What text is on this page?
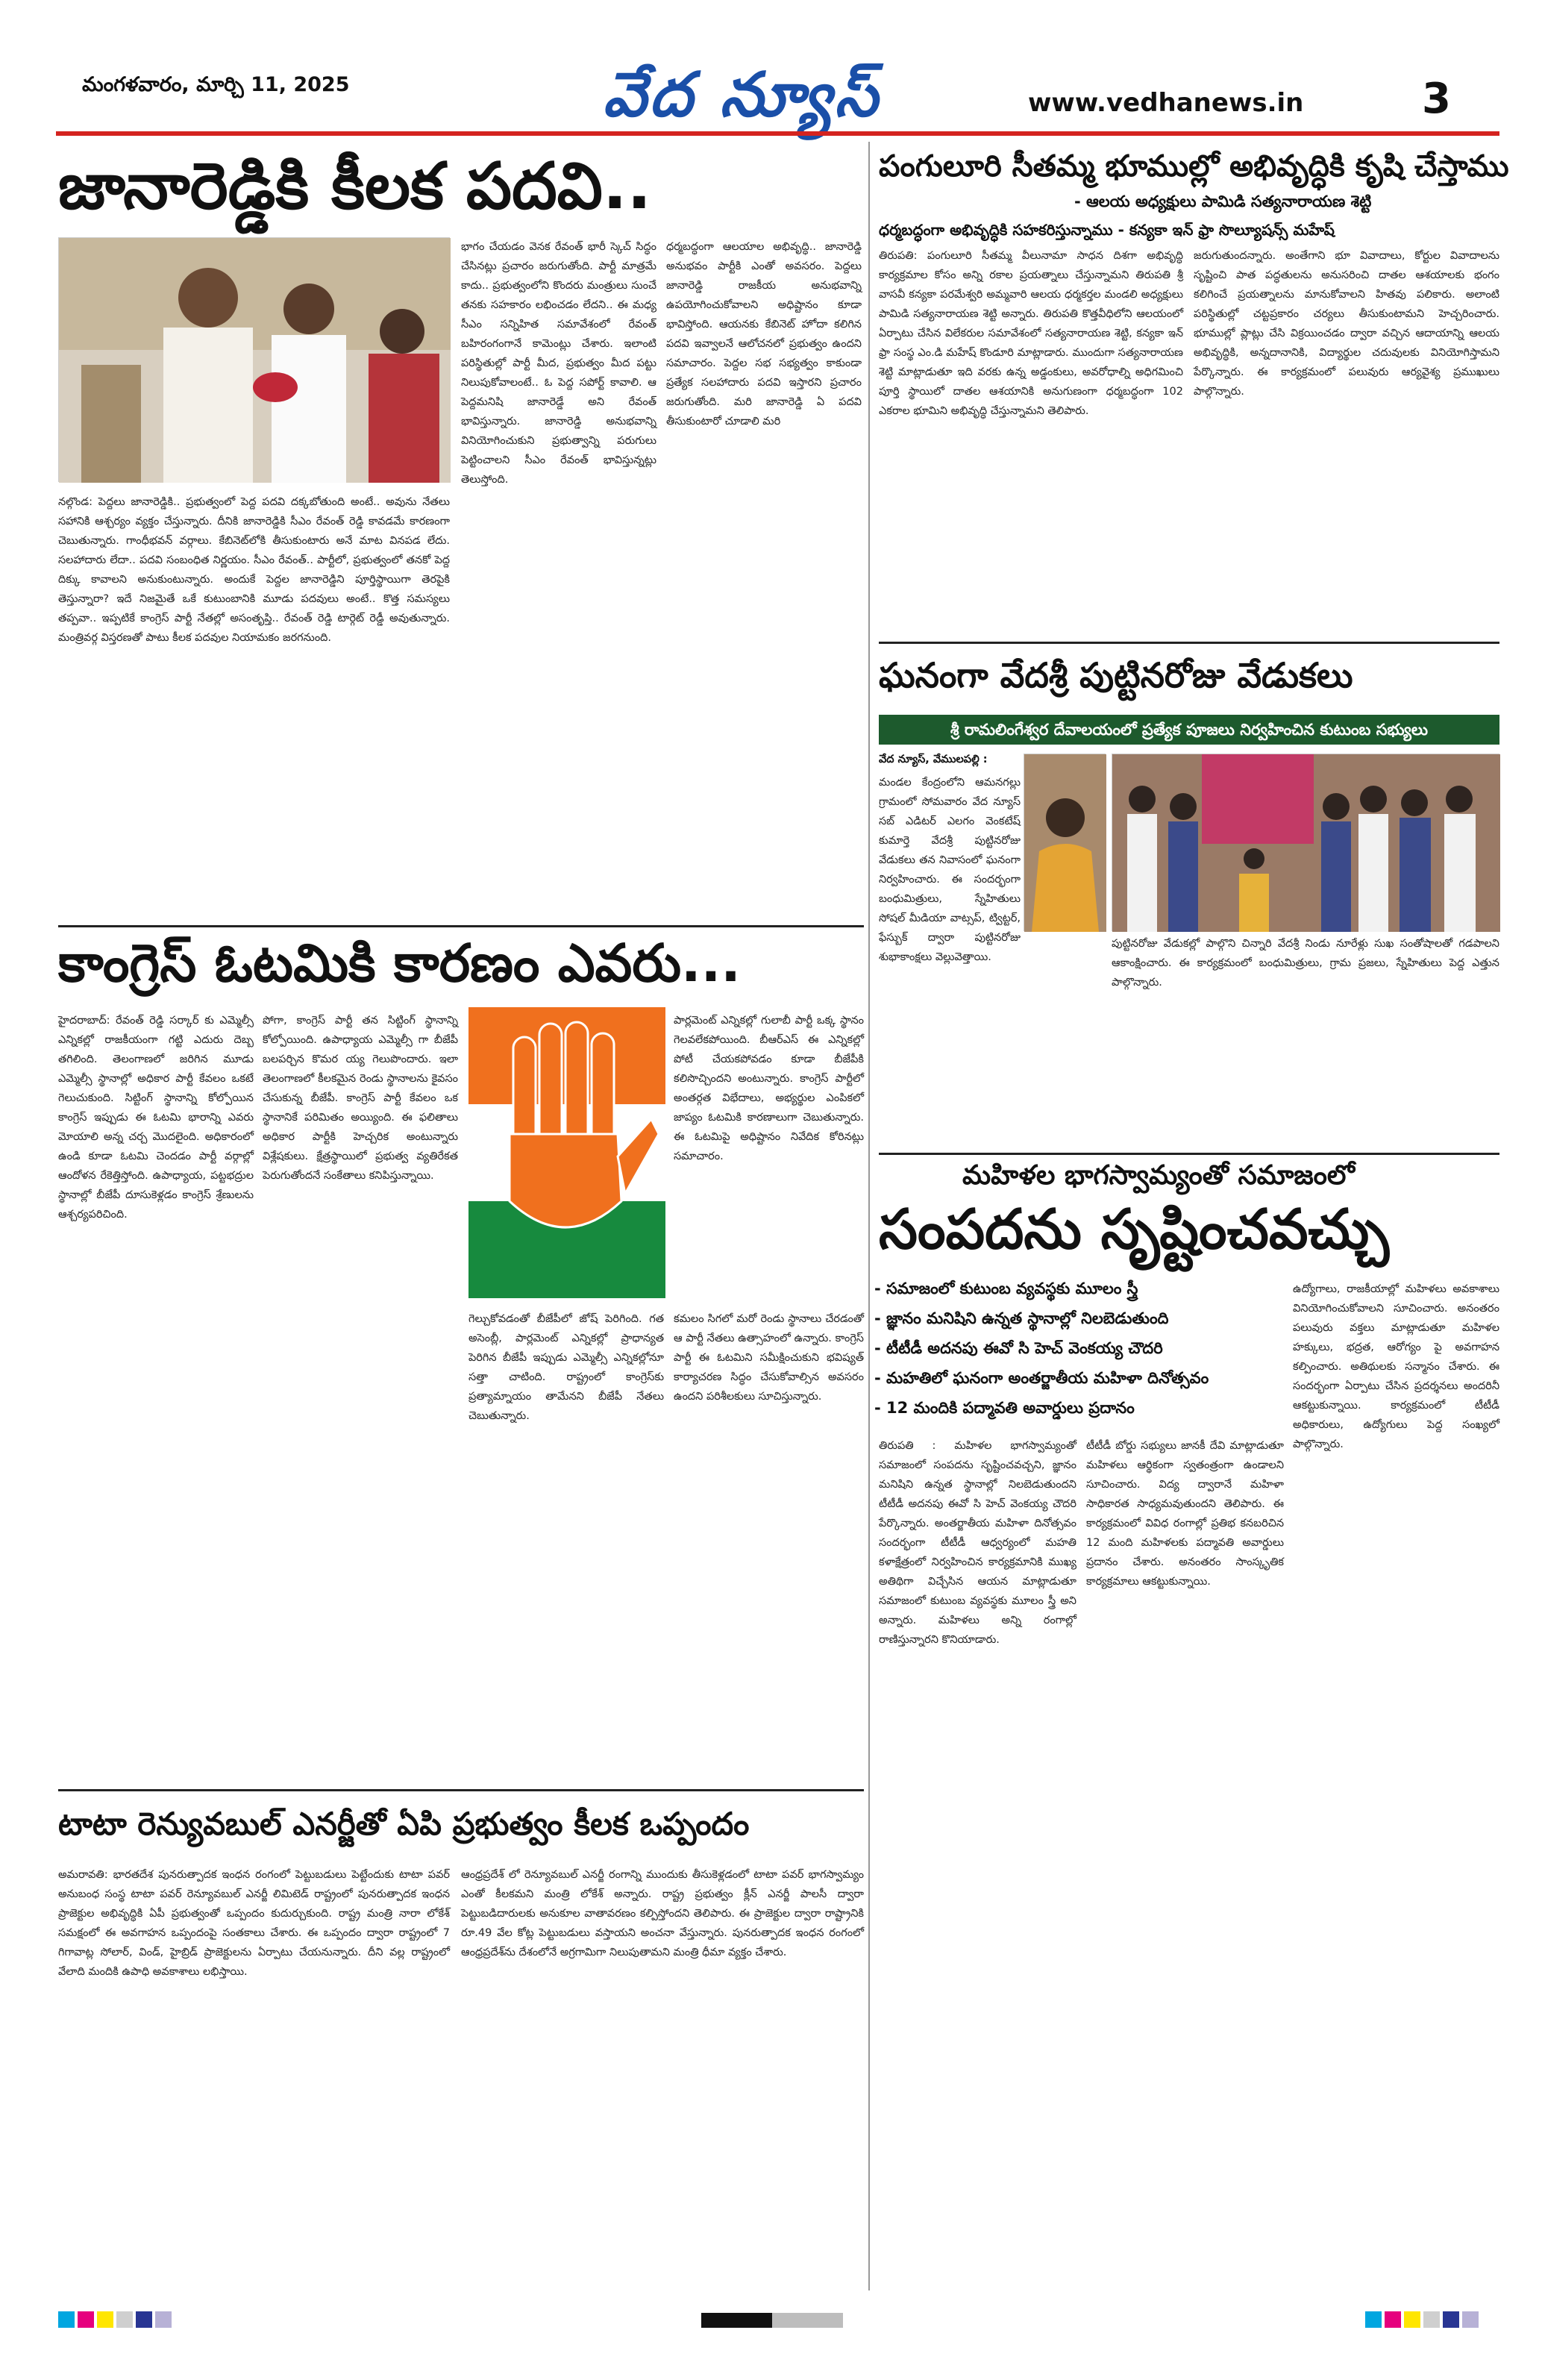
మంగళవారం, మార్చి 11, 2025	వేద న్యూస్	www.vedhanews.in	3
జానారెడ్డికి కీలక పదవి..
నల్గొండ: పెద్దలు జానారెడ్డికి.. ప్రభుత్వంలో పెద్ద పదవి దక్కబోతుంది అంటే.. అవును నేతలు సహానికి ఆశ్చర్యం వ్యక్తం చేస్తున్నారు. దీనికి జానారెడ్డికి సీఎం రేవంత్ రెడ్డి కావడమే కారణంగా చెబుతున్నారు. గాంధీభవన్ వర్గాలు. కేబినెట్‌లోకి తీసుకుంటారు అనే మాట వినపడ లేదు. సలహాదారు లేదా.. పదవి సంబంధిత నిర్ణయం. సీఎం రేవంత్.. పార్టీలో, ప్రభుత్వంలో తనకో పెద్ద దిక్కు కావాలని అనుకుంటున్నారు. అందుకే పెద్దల జానారెడ్డిని పూర్తిస్థాయిగా తెరపైకి తెస్తున్నారా? ఇదే నిజమైతే ఒకే కుటుంబానికి మూడు పదవులు అంటే.. కొత్త సమస్యలు తప్పవా.. ఇప్పటికే కాంగ్రెస్ పార్టీ నేతల్లో అసంతృప్తి.. రేవంత్ రెడ్డి టార్గెట్ రెడ్డీ అవుతున్నారు. మంత్రివర్గ విస్తరణతో పాటు కీలక పదవుల నియామకం జరగనుంది.
భాగం చేయడం వెనక రేవంత్ భారీ స్కెచ్ సిద్ధం చేసినట్లు ప్రచారం జరుగుతోంది. పార్టీ మాత్రమే కాదు.. ప్రభుత్వంలోని కొందరు మంత్రులు సుంచే తనకు సహకారం లభించడం లేదని.. ఈ మధ్య సీఎం సన్నిహిత సమావేశంలో రేవంత్ బహిరంగంగానే కామెంట్లు చేశారు. ఇలాంటి పరిస్థితుల్లో పార్టీ మీద, ప్రభుత్వం మీద పట్టు నిలుపుకోవాలంటే.. ఓ పెద్ద సపోర్ట్ కావాలి. ఆ పెద్దమనిషి జానారెడ్డే అని రేవంత్ భావిస్తున్నారు. జానారెడ్డి అనుభవాన్ని వినియోగించుకుని ప్రభుత్వాన్ని పరుగులు పెట్టించాలని సీఎం రేవంత్ భావిస్తున్నట్లు తెలుస్తోంది.
ధర్మబద్ధంగా ఆలయాల అభివృద్ధి.. జానారెడ్డి అనుభవం పార్టీకి ఎంతో అవసరం. పెద్దలు జానారెడ్డి రాజకీయ అనుభవాన్ని ఉపయోగించుకోవాలని అధిష్టానం కూడా భావిస్తోంది. ఆయనకు కేబినెట్ హోదా కలిగిన పదవి ఇవ్వాలనే ఆలోచనలో ప్రభుత్వం ఉందని సమాచారం. పెద్దల సభ సభ్యత్వం కాకుండా ప్రత్యేక సలహాదారు పదవి ఇస్తారని ప్రచారం జరుగుతోంది. మరి జానారెడ్డి ఏ పదవి తీసుకుంటారో చూడాలి మరి
కాంగ్రెస్ ఓటమికి కారణం ఎవరు...
హైదరాబాద్: రేవంత్ రెడ్డి సర్కార్ కు ఎమ్మెల్సీ ఎన్నికల్లో రాజకీయంగా గట్టి ఎదురు దెబ్బ తగిలింది. తెలంగాణలో జరిగిన మూడు ఎమ్మెల్సీ స్థానాల్లో అధికార పార్టీ కేవలం ఒకటే గెలుచుకుంది. సిట్టింగ్ స్థానాన్ని కోల్పోయిన కాంగ్రెస్ ఇప్పుడు ఈ ఓటమి భారాన్ని ఎవరు మోయాలి అన్న చర్చ మొదలైంది. అధికారంలో ఉండి కూడా ఓటమి చెందడం పార్టీ వర్గాల్లో ఆందోళన రేకెత్తిస్తోంది. ఉపాధ్యాయ, పట్టభద్రుల స్థానాల్లో బీజేపీ దూసుకెళ్లడం కాంగ్రెస్ శ్రేణులను ఆశ్చర్యపరిచింది.
పోగా, కాంగ్రెస్ పార్టీ తన సిట్టింగ్ స్థానాన్ని కోల్పోయింది. ఉపాధ్యాయ ఎమ్మెల్సీ గా బీజేపీ బలపర్చిన కొమర య్య గెలుపొందారు. ఇలా తెలంగాణలో కీలకమైన రెండు స్థానాలను కైవసం చేసుకున్న బీజేపీ. కాంగ్రెస్ పార్టీ కేవలం ఒక స్థానానికే పరిమితం అయ్యింది. ఈ ఫలితాలు అధికార పార్టీకి హెచ్చరిక అంటున్నారు విశ్లేషకులు. క్షేత్రస్థాయిలో ప్రభుత్వ వ్యతిరేకత పెరుగుతోందనే సంకేతాలు కనిపిస్తున్నాయి.
పార్లమెంట్ ఎన్నికల్లో గులాబీ పార్టీ ఒక్క స్థానం గెలవలేకపోయింది. బీఆర్ఎస్ ఈ ఎన్నికల్లో పోటీ చేయకపోవడం కూడా బీజేపీకి కలిసొచ్చిందని అంటున్నారు. కాంగ్రెస్ పార్టీలో అంతర్గత విభేదాలు, అభ్యర్థుల ఎంపికలో జాప్యం ఓటమికి కారణాలుగా చెబుతున్నారు. ఈ ఓటమిపై అధిష్టానం నివేదిక కోరినట్లు సమాచారం.
గెల్చుకోవడంతో బీజేపీలో జోష్ పెరిగింది. గత అసెంబ్లీ, పార్లమెంట్ ఎన్నికల్లో ప్రాధాన్యత పెరిగిన బీజేపీ ఇప్పుడు ఎమ్మెల్సీ ఎన్నికల్లోనూ సత్తా చాటింది. రాష్ట్రంలో కాంగ్రెస్‌కు ప్రత్యామ్నాయం తామేనని బీజేపీ నేతలు చెబుతున్నారు.
కమలం సిగలో మరో రెండు స్థానాలు చేరడంతో ఆ పార్టీ నేతలు ఉత్సాహంలో ఉన్నారు. కాంగ్రెస్ పార్టీ ఈ ఓటమిని సమీక్షించుకుని భవిష్యత్ కార్యాచరణ సిద్ధం చేసుకోవాల్సిన అవసరం ఉందని పరిశీలకులు సూచిస్తున్నారు.
టాటా రెన్యువబుల్ ఎనర్జీతో ఏపి ప్రభుత్వం కీలక ఒప్పందం
అమరావతి: భారతదేశ పునరుత్పాదక ఇంధన రంగంలో పెట్టుబడులు పెట్టేందుకు టాటా పవర్ అనుబంధ సంస్థ టాటా పవర్ రెన్యూవబుల్ ఎనర్జీ లిమిటెడ్ రాష్ట్రంలో పునరుత్పాదక ఇంధన ప్రాజెక్టుల అభివృద్ధికి ఏపీ ప్రభుత్వంతో ఒప్పందం కుదుర్చుకుంది. రాష్ట్ర మంత్రి నారా లోకేశ్ సమక్షంలో ఈ అవగాహన ఒప్పందంపై సంతకాలు చేశారు. ఈ ఒప్పందం ద్వారా రాష్ట్రంలో 7 గిగావాట్ల సోలార్, విండ్, హైబ్రిడ్ ప్రాజెక్టులను ఏర్పాటు చేయనున్నారు. దీని వల్ల రాష్ట్రంలో వేలాది మందికి ఉపాధి అవకాశాలు లభిస్తాయి.
ఆంధ్రప్రదేశ్ లో రెన్యూవబుల్ ఎనర్జీ రంగాన్ని ముందుకు తీసుకెళ్లడంలో టాటా పవర్ భాగస్వామ్యం ఎంతో కీలకమని మంత్రి లోకేశ్ అన్నారు. రాష్ట్ర ప్రభుత్వం క్లీన్ ఎనర్జీ పాలసీ ద్వారా పెట్టుబడిదారులకు అనుకూల వాతావరణం కల్పిస్తోందని తెలిపారు. ఈ ప్రాజెక్టుల ద్వారా రాష్ట్రానికి రూ.49 వేల కోట్ల పెట్టుబడులు వస్తాయని అంచనా వేస్తున్నారు. పునరుత్పాదక ఇంధన రంగంలో ఆంధ్రప్రదేశ్‌ను దేశంలోనే అగ్రగామిగా నిలుపుతామని మంత్రి ధీమా వ్యక్తం చేశారు.
పంగులూరి సీతమ్మ భూముల్లో అభివృద్ధికి కృషి చేస్తాము
- ఆలయ అధ్యక్షులు పామిడి సత్యనారాయణ శెట్టి
ధర్మబద్ధంగా అభివృద్ధికి సహకరిస్తున్నాము - కన్యకా ఇన్ ఫ్రా సొల్యూషన్స్ మహేష్
తిరుపతి: పంగులూరి సీతమ్మ వీలునామా సాధన దిశగా అభివృద్ధి కార్యక్రమాల కోసం అన్ని రకాల ప్రయత్నాలు చేస్తున్నామని తిరుపతి శ్రీ వాసవీ కన్యకా పరమేశ్వరి అమ్మవారి ఆలయ ధర్మకర్తల మండలి అధ్యక్షులు పామిడి సత్యనారాయణ శెట్టి అన్నారు. తిరుపతి కొత్తవీధిలోని ఆలయంలో ఏర్పాటు చేసిన విలేకరుల సమావేశంలో సత్యనారాయణ శెట్టి, కన్యకా ఇన్ ఫ్రా సంస్థ ఎం.డి మహేష్ కొండూరి మాట్లాడారు. ముందుగా సత్యనారాయణ శెట్టి మాట్లాడుతూ ఇది వరకు ఉన్న అడ్డంకులు, అవరోధాల్ని అధిగమించి పూర్తి స్థాయిలో దాతల ఆశయానికి అనుగుణంగా ధర్మబద్ధంగా 102 ఎకరాల భూమిని అభివృద్ధి చేస్తున్నామని తెలిపారు.
జరుగుతుందన్నారు. అంతేగాని భూ వివాదాలు, కోర్టుల వివాదాలను సృష్టించి పాత పద్ధతులను అనుసరించి దాతల ఆశయాలకు భంగం కలిగించే ప్రయత్నాలను మానుకోవాలని హితవు పలికారు. అలాంటి పరిస్థితుల్లో చట్టప్రకారం చర్యలు తీసుకుంటామని హెచ్చరించారు. భూముల్లో ప్లాట్లు చేసి విక్రయించడం ద్వారా వచ్చిన ఆదాయాన్ని ఆలయ అభివృద్ధికి, అన్నదానానికి, విద్యార్థుల చదువులకు వినియోగిస్తామని పేర్కొన్నారు. ఈ కార్యక్రమంలో పలువురు ఆర్యవైశ్య ప్రముఖులు పాల్గొన్నారు.
ఘనంగా వేదశ్రీ పుట్టినరోజు వేడుకలు
శ్రీ రామలింగేశ్వర దేవాలయంలో ప్రత్యేక పూజలు నిర్వహించిన కుటుంబ సభ్యులు
వేద న్యూస్, వేములపల్లి :
మండల కేంద్రంలోని ఆమనగల్లు గ్రామంలో సోమవారం వేద న్యూస్ సబ్ ఎడిటర్ ఎలగం వెంకటేష్ కుమార్తె వేదశ్రీ పుట్టినరోజు వేడుకలు తన నివాసంలో ఘనంగా నిర్వహించారు. ఈ సందర్భంగా బంధుమిత్రులు, స్నేహితులు సోషల్ మీడియా వాట్సప్, ట్విట్టర్, ఫేస్బుక్ ద్వారా పుట్టినరోజు శుభాకాంక్షలు వెల్లువెత్తాయి.
పుట్టినరోజు వేడుకల్లో పాల్గొని చిన్నారి వేదశ్రీ నిండు నూరేళ్లు సుఖ సంతోషాలతో గడపాలని ఆకాంక్షించారు. ఈ కార్యక్రమంలో బంధుమిత్రులు, గ్రామ ప్రజలు, స్నేహితులు పెద్ద ఎత్తున పాల్గొన్నారు.
మహిళల భాగస్వామ్యంతో సమాజంలో
సంపదను సృష్టించవచ్చు
- సమాజంలో కుటుంబ వ్యవస్థకు మూలం స్త్రీ
- జ్ఞానం మనిషిని ఉన్నత స్థానాల్లో నిలబెడుతుంది
- టీటీడీ అదనపు ఈవో సి హెచ్ వెంకయ్య చౌదరి
- మహతిలో ఘనంగా అంతర్జాతీయ మహిళా దినోత్సవం
- 12 మందికి పద్మావతి అవార్డులు ప్రదానం
తిరుపతి : మహిళల భాగస్వామ్యంతో సమాజంలో సంపదను సృష్టించవచ్చని, జ్ఞానం మనిషిని ఉన్నత స్థానాల్లో నిలబెడుతుందని టీటీడీ అదనపు ఈవో సి హెచ్ వెంకయ్య చౌదరి పేర్కొన్నారు. అంతర్జాతీయ మహిళా దినోత్సవం సందర్భంగా టీటీడీ ఆధ్వర్యంలో మహతి కళాక్షేత్రంలో నిర్వహించిన కార్యక్రమానికి ముఖ్య అతిథిగా విచ్చేసిన ఆయన మాట్లాడుతూ సమాజంలో కుటుంబ వ్యవస్థకు మూలం స్త్రీ అని అన్నారు. మహిళలు అన్ని రంగాల్లో రాణిస్తున్నారని కొనియాడారు.
టీటీడీ బోర్డు సభ్యులు జానకీ దేవి మాట్లాడుతూ మహిళలు ఆర్థికంగా స్వతంత్రంగా ఉండాలని సూచించారు. విద్య ద్వారానే మహిళా సాధికారత సాధ్యమవుతుందని తెలిపారు. ఈ కార్యక్రమంలో వివిధ రంగాల్లో ప్రతిభ కనబరిచిన 12 మంది మహిళలకు పద్మావతి అవార్డులు ప్రదానం చేశారు. అనంతరం సాంస్కృతిక కార్యక్రమాలు ఆకట్టుకున్నాయి.
ఉద్యోగాలు, రాజకీయాల్లో మహిళలు అవకాశాలు వినియోగించుకోవాలని సూచించారు. అనంతరం పలువురు వక్తలు మాట్లాడుతూ మహిళల హక్కులు, భద్రత, ఆరోగ్యం పై అవగాహన కల్పించారు. అతిథులకు సన్మానం చేశారు. ఈ సందర్భంగా ఏర్పాటు చేసిన ప్రదర్శనలు అందరినీ ఆకట్టుకున్నాయి. కార్యక్రమంలో టీటీడీ అధికారులు, ఉద్యోగులు పెద్ద సంఖ్యలో పాల్గొన్నారు.
